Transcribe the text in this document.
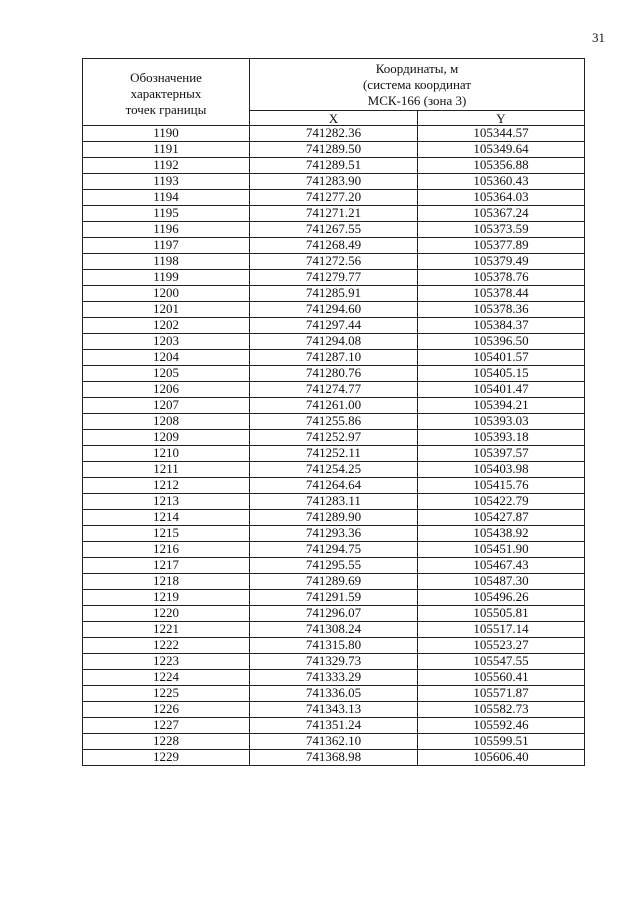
31
Обозначение
характерных
точек границы	Координаты, м
(система координат
МСК-166 (зона 3)	

	X	Y
1190	741282.36	105344.57
1191	741289.50	105349.64
1192	741289.51	105356.88
1193	741283.90	105360.43
1194	741277.20	105364.03
1195	741271.21	105367.24
1196	741267.55	105373.59
1197	741268.49	105377.89
1198	741272.56	105379.49
1199	741279.77	105378.76
1200	741285.91	105378.44
1201	741294.60	105378.36
1202	741297.44	105384.37
1203	741294.08	105396.50
1204	741287.10	105401.57
1205	741280.76	105405.15
1206	741274.77	105401.47
1207	741261.00	105394.21
1208	741255.86	105393.03
1209	741252.97	105393.18
1210	741252.11	105397.57
1211	741254.25	105403.98
1212	741264.64	105415.76
1213	741283.11	105422.79
1214	741289.90	105427.87
1215	741293.36	105438.92
1216	741294.75	105451.90
1217	741295.55	105467.43
1218	741289.69	105487.30
1219	741291.59	105496.26
1220	741296.07	105505.81
1221	741308.24	105517.14
1222	741315.80	105523.27
1223	741329.73	105547.55
1224	741333.29	105560.41
1225	741336.05	105571.87
1226	741343.13	105582.73
1227	741351.24	105592.46
1228	741362.10	105599.51
1229	741368.98	105606.40
